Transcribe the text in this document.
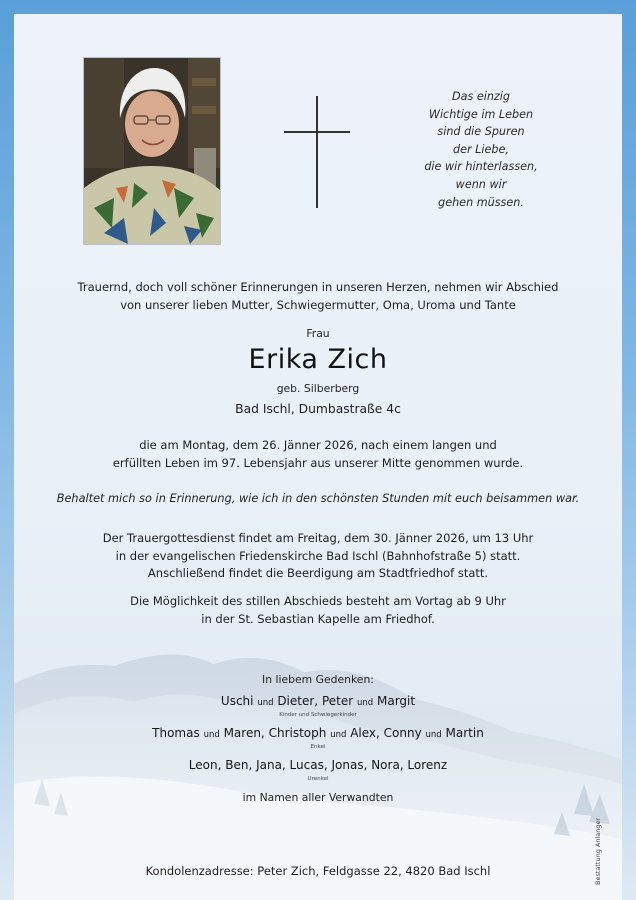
Das einzig
Wichtige im Leben
sind die Spuren
der Liebe,
die wir hinterlassen,
wenn wir
gehen müssen.
Trauernd, doch voll schöner Erinnerungen in unseren Herzen, nehmen wir Abschied
von unserer lieben Mutter, Schwiegermutter, Oma, Uroma und Tante
Frau
Erika Zich
geb. Silberberg
Bad Ischl, Dumbastraße 4c
die am Montag, dem 26. Jänner 2026, nach einem langen und
erfüllten Leben im 97. Lebensjahr aus unserer Mitte genommen wurde.
Behaltet mich so in Erinnerung, wie ich in den schönsten Stunden mit euch beisammen war.
Der Trauergottesdienst findet am Freitag, dem 30. Jänner 2026, um 13 Uhr
in der evangelischen Friedenskirche Bad Ischl (Bahnhofstraße 5) statt.
Anschließend findet die Beerdigung am Stadtfriedhof statt.
Die Möglichkeit des stillen Abschieds besteht am Vortag ab 9 Uhr
in der St. Sebastian Kapelle am Friedhof.
In liebem Gedenken:
Uschi und Dieter, Peter und Margit
Kinder und Schwiegerkinder
Thomas und Maren, Christoph und Alex, Conny und Martin
Enkel
Leon, Ben, Jana, Lucas, Jonas, Nora, Lorenz
Urenkel
im Namen aller Verwandten
Kondolenzadresse: Peter Zich, Feldgasse 22, 4820 Bad Ischl	Bestattung Anlanger
